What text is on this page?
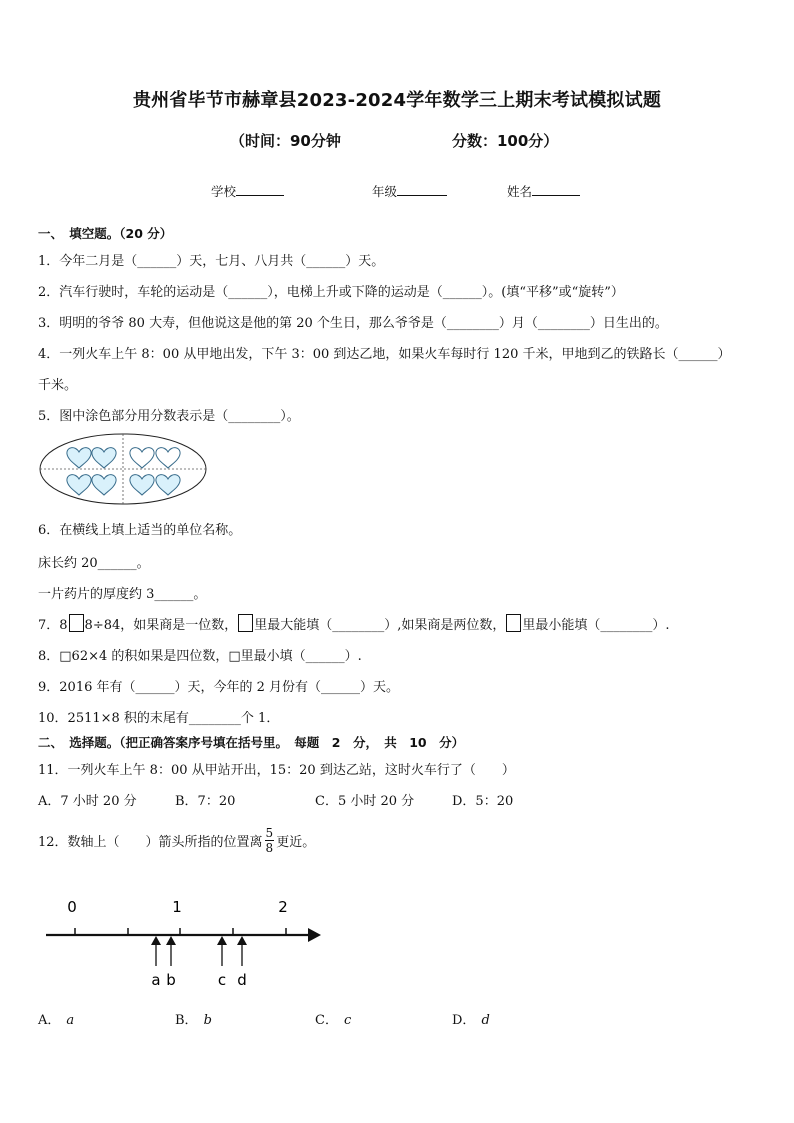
贵州省毕节市赫章县2023-2024学年数学三上期末考试模拟试题
（时间：90分钟	分数：100分）
学校	年级	姓名
一、　填空题。（20 分）
1．今年二月是（______）天，七月、八月共（______）天。
2．汽车行驶时，车轮的运动是（______），电梯上升或下降的运动是（______）。(填“平移”或“旋转”）
3．明明的爷爷 80 大寿，但他说这是他的第 20 个生日，那么爷爷是（________）月（________）日生出的。
4．一列火车上午 8：00 从甲地出发，下午 3：00 到达乙地，如果火车每时行 120 千米，甲地到乙的铁路长（______）
千米。
5．图中涂色部分用分数表示是（________）。
6．在横线上填上适当的单位名称。
床长约 20______。
一片药片的厚度约 3______。
7．8 8÷84，如果商是一位数， 里最大能填（________）,如果商是两位数， 里最小能填（________）.
8．□62×4 的积如果是四位数，□里最小填（______）.
9．2016 年有（______）天，今年的 2 月份有（______）天。
10．2511×8 积的末尾有________个 1．
二、　选择题。（把正确答案序号填在括号里。　每题　2　分，　共　10　分）
11．一列火车上午 8：00 从甲站开出，15：20 到达乙站，这时火车行了（　　）
A．7 小时 20 分	B．7：20	C．5 小时 20 分	D．5：20
12．数轴上（　　）箭头所指的位置离 $\frac{5}{8}$ 更近。
0	1	2
a b	c d
A． a	B． b	C． c	D． d
